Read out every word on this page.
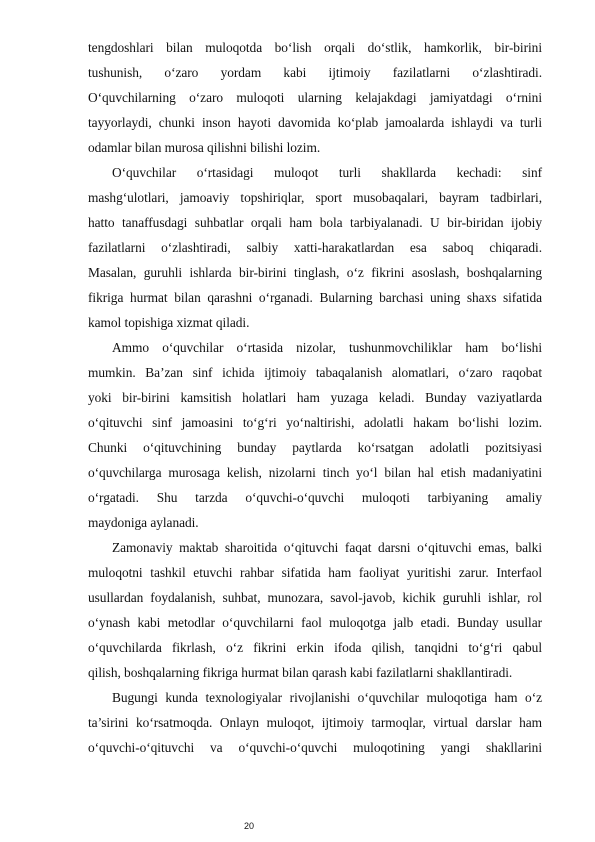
tengdoshlari bilan muloqotda bo‘lish orqali do‘stlik, hamkorlik, bir-birini
tushunish, o‘zaro yordam kabi ijtimoiy fazilatlarni o‘zlashtiradi.
O‘quvchilarning o‘zaro muloqoti ularning kelajakdagi jamiyatdagi o‘rnini
tayyorlaydi, chunki inson hayoti davomida ko‘plab jamoalarda ishlaydi va turli
odamlar bilan murosa qilishni bilishi lozim.
O‘quvchilar o‘rtasidagi muloqot turli shakllarda kechadi: sinf
mashg‘ulotlari, jamoaviy topshiriqlar, sport musobaqalari, bayram tadbirlari,
hatto tanaffusdagi suhbatlar orqali ham bola tarbiyalanadi. U bir-biridan ijobiy
fazilatlarni o‘zlashtiradi, salbiy xatti-harakatlardan esa saboq chiqaradi.
Masalan, guruhli ishlarda bir-birini tinglash, o‘z fikrini asoslash, boshqalarning
fikriga hurmat bilan qarashni o‘rganadi. Bularning barchasi uning shaxs sifatida
kamol topishiga xizmat qiladi.
Ammo o‘quvchilar o‘rtasida nizolar, tushunmovchiliklar ham bo‘lishi
mumkin. Ba’zan sinf ichida ijtimoiy tabaqalanish alomatlari, o‘zaro raqobat
yoki bir-birini kamsitish holatlari ham yuzaga keladi. Bunday vaziyatlarda
o‘qituvchi sinf jamoasini to‘g‘ri yo‘naltirishi, adolatli hakam bo‘lishi lozim.
Chunki o‘qituvchining bunday paytlarda ko‘rsatgan adolatli pozitsiyasi
o‘quvchilarga murosaga kelish, nizolarni tinch yo‘l bilan hal etish madaniyatini
o‘rgatadi. Shu tarzda o‘quvchi-o‘quvchi muloqoti tarbiyaning amaliy
maydoniga aylanadi.
Zamonaviy maktab sharoitida o‘qituvchi faqat darsni o‘qituvchi emas, balki
muloqotni tashkil etuvchi rahbar sifatida ham faoliyat yuritishi zarur. Interfaol
usullardan foydalanish, suhbat, munozara, savol-javob, kichik guruhli ishlar, rol
o‘ynash kabi metodlar o‘quvchilarni faol muloqotga jalb etadi. Bunday usullar
o‘quvchilarda fikrlash, o‘z fikrini erkin ifoda qilish, tanqidni to‘g‘ri qabul
qilish, boshqalarning fikriga hurmat bilan qarash kabi fazilatlarni shakllantiradi.
Bugungi kunda texnologiyalar rivojlanishi o‘quvchilar muloqotiga ham o‘z
ta’sirini ko‘rsatmoqda. Onlayn muloqot, ijtimoiy tarmoqlar, virtual darslar ham
o‘quvchi-o‘qituvchi va o‘quvchi-o‘quvchi muloqotining yangi shakllarini
20
